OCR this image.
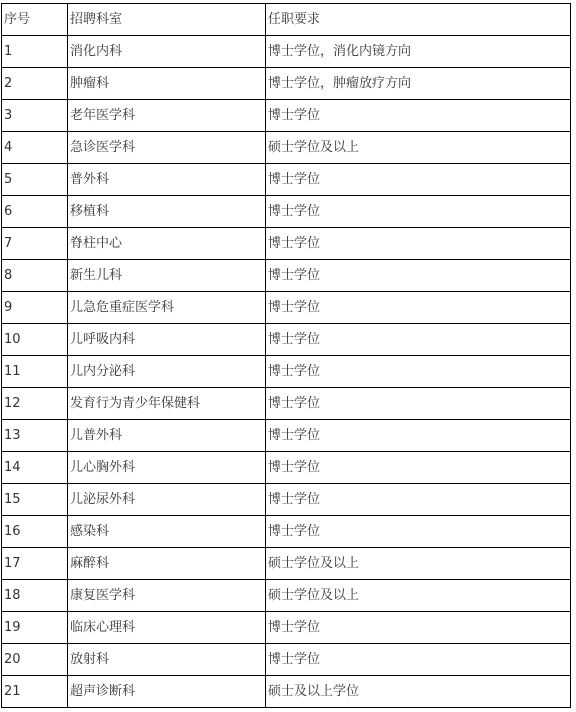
序号	招聘科室	任职要求
1	消化内科	博士学位，消化内镜方向
2	肿瘤科	博士学位，肿瘤放疗方向
3	老年医学科	博士学位
4	急诊医学科	硕士学位及以上
5	普外科	博士学位
6	移植科	博士学位
7	脊柱中心	博士学位
8	新生儿科	博士学位
9	儿急危重症医学科	博士学位
10	儿呼吸内科	博士学位
11	儿内分泌科	博士学位
12	发育行为青少年保健科	博士学位
13	儿普外科	博士学位
14	儿心胸外科	博士学位
15	儿泌尿外科	博士学位
16	感染科	博士学位
17	麻醉科	硕士学位及以上
18	康复医学科	硕士学位及以上
19	临床心理科	博士学位
20	放射科	博士学位
21	超声诊断科	硕士及以上学位
